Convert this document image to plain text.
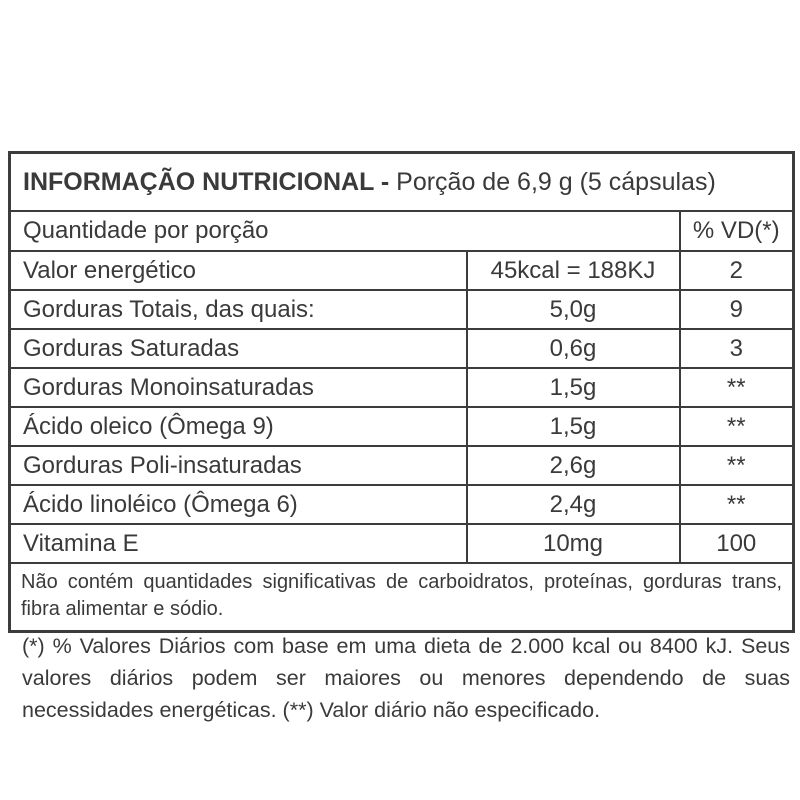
INFORMAÇÃO NUTRICIONAL - Porção de 6,9 g (5 cápsulas)		
Quantidade por porção		% VD(*)
Valor energético	45kcal = 188KJ	2
Gorduras Totais, das quais:	5,0g	9
Gorduras Saturadas	0,6g	3
Gorduras Monoinsaturadas	1,5g	**
Ácido oleico (Ômega 9)	1,5g	**
Gorduras Poli-insaturadas	2,6g	**
Ácido linoléico (Ômega 6)	2,4g	**
Vitamina E	10mg	100
Não contém quantidades significativas de carboidratos, proteínas, gorduras trans, fibra alimentar e sódio.		

(*) % Valores Diários com base em uma dieta de 2.000 kcal ou 8400 kJ. Seus valores diários podem ser maiores ou menores dependendo de suas necessidades energéticas. (**) Valor diário não especificado.
